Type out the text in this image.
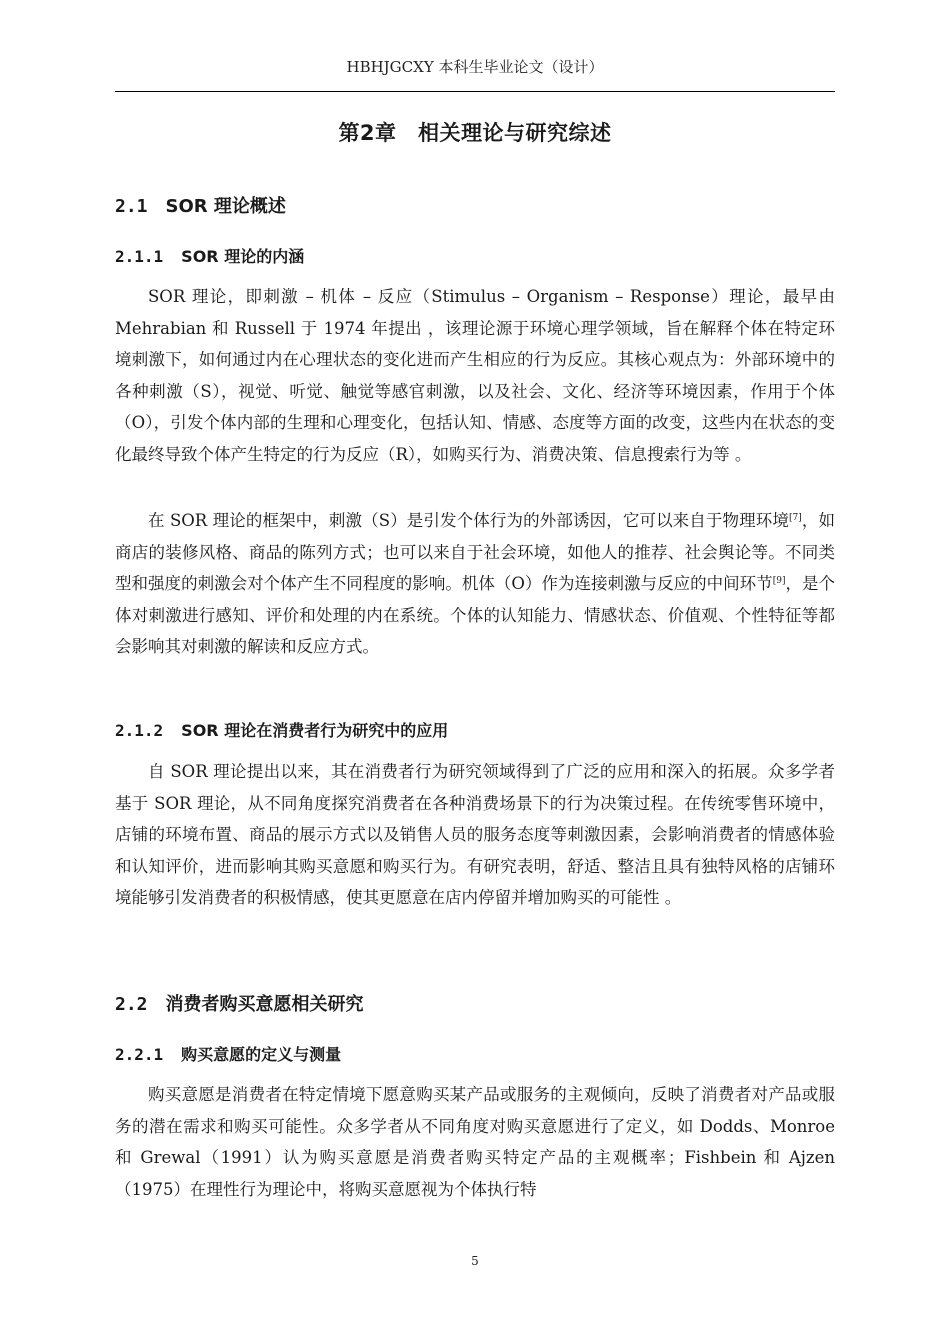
HBHJGCXY 本科生毕业论文（设计）
第2章　相关理论与研究综述
2.1 SOR 理论概述
2.1.1 SOR 理论的内涵

SOR 理论，即刺激 – 机体 – 反应（Stimulus – Organism – Response）理论，最早由 Mehrabian 和 Russell 于 1974 年提出 ，该理论源于环境心理学领域，旨在解释个体在特定环境刺激下，如何通过内在心理状态的变化进而产生相应的行为反应。其核心观点为：外部环境中的各种刺激（S），视觉、听觉、触觉等感官刺激，以及社会、文化、经济等环境因素，作用于个体（O），引发个体内部的生理和心理变化，包括认知、情感、态度等方面的改变，这些内在状态的变化最终导致个体产生特定的行为反应（R），如购买行为、消费决策、信息搜索行为等 。

在 SOR 理论的框架中，刺激（S）是引发个体行为的外部诱因，它可以来自于物理环境[7]，如商店的装修风格、商品的陈列方式；也可以来自于社会环境，如他人的推荐、社会舆论等。不同类型和强度的刺激会对个体产生不同程度的影响。机体（O）作为连接刺激与反应的中间环节[9]，是个体对刺激进行感知、评价和处理的内在系统。个体的认知能力、情感状态、价值观、个性特征等都会影响其对刺激的解读和反应方式。

2.1.2 SOR 理论在消费者行为研究中的应用

自 SOR 理论提出以来，其在消费者行为研究领域得到了广泛的应用和深入的拓展。众多学者基于 SOR 理论，从不同角度探究消费者在各种消费场景下的行为决策过程。在传统零售环境中，店铺的环境布置、商品的展示方式以及销售人员的服务态度等刺激因素，会影响消费者的情感体验和认知评价，进而影响其购买意愿和购买行为。有研究表明，舒适、整洁且具有独特风格的店铺环境能够引发消费者的积极情感，使其更愿意在店内停留并增加购买的可能性 。

2.2 消费者购买意愿相关研究
2.2.1 购买意愿的定义与测量

购买意愿是消费者在特定情境下愿意购买某产品或服务的主观倾向，反映了消费者对产品或服务的潜在需求和购买可能性。众多学者从不同角度对购买意愿进行了定义，如 Dodds、Monroe 和 Grewal（1991）认为购买意愿是消费者购买特定产品的主观概率；Fishbein 和 Ajzen（1975）在理性行为理论中，将购买意愿视为个体执行特

5
